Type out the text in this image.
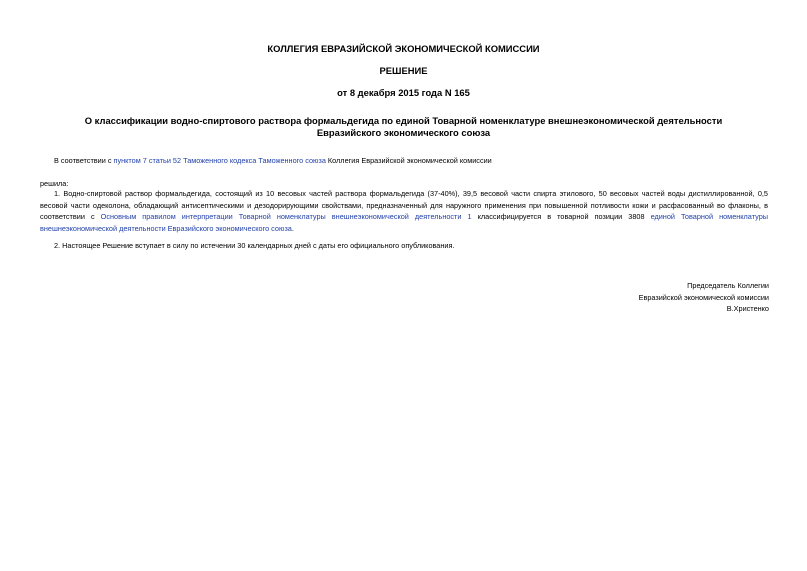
КОЛЛЕГИЯ ЕВРАЗИЙСКОЙ ЭКОНОМИЧЕСКОЙ КОМИССИИ
РЕШЕНИЕ
от 8 декабря 2015 года N 165
О классификации водно-спиртового раствора формальдегида по единой Товарной номенклатуре внешнеэкономической деятельности Евразийского экономического союза
В соответствии с пунктом 7 статьи 52 Таможенного кодекса Таможенного союза Коллегия Евразийской экономической комиссии
решила:
1. Водно-спиртовой раствор формальдегида, состоящий из 10 весовых частей раствора формальдегида (37-40%), 39,5 весовой части спирта этилового, 50 весовых частей воды дистиллированной, 0,5 весовой части одеколона, обладающий антисептическими и дезодорирующими свойствами, предназначенный для наружного применения при повышенной потливости кожи и расфасованный во флаконы, в соответствии с Основным правилом интерпретации Товарной номенклатуры внешнеэкономической деятельности 1 классифицируется в товарной позиции 3808 единой Товарной номенклатуры внешнеэкономической деятельности Евразийского экономического союза.
2. Настоящее Решение вступает в силу по истечении 30 календарных дней с даты его официального опубликования.
Председатель Коллегии
Евразийской экономической комиссии
В.Христенко
